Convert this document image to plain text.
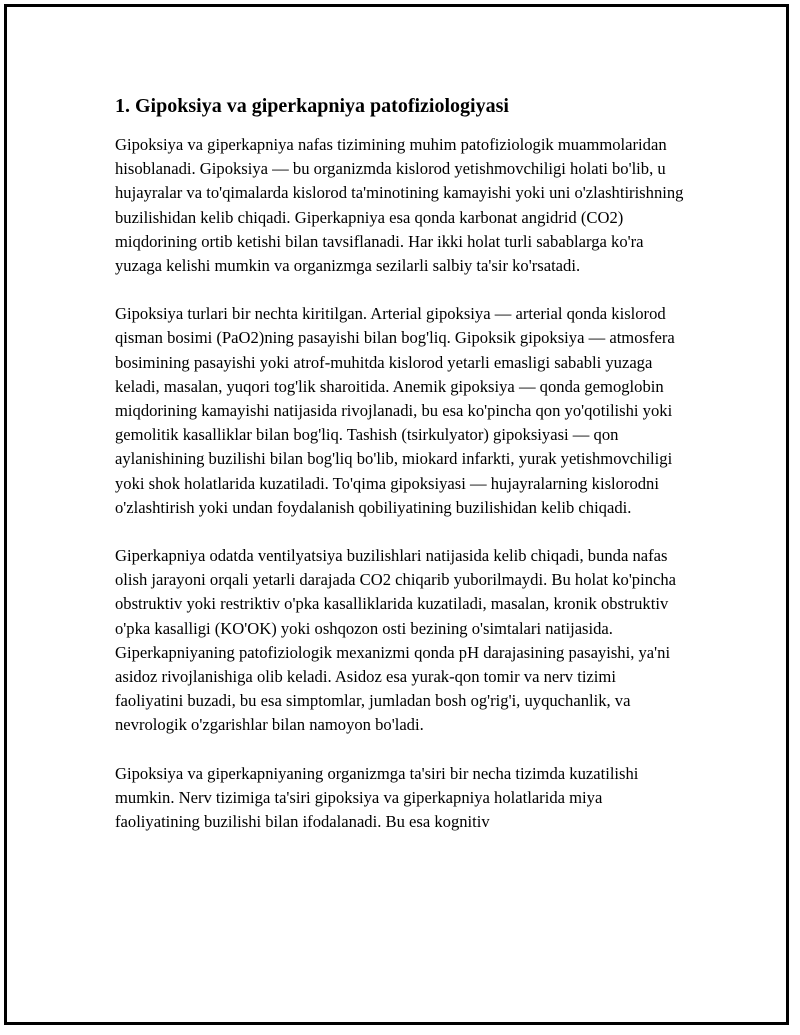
1. Gipoksiya va giperkapniya patofiziologiyasi

Gipoksiya va giperkapniya nafas tizimining muhim patofiziologik muammolaridan hisoblanadi. Gipoksiya — bu organizmda kislorod yetishmovchiligi holati bo'lib, u hujayralar va to'qimalarda kislorod ta'minotining kamayishi yoki uni o'zlashtirishning buzilishidan kelib chiqadi. Giperkapniya esa qonda karbonat angidrid (CO2) miqdorining ortib ketishi bilan tavsiflanadi. Har ikki holat turli sabablarga ko'ra yuzaga kelishi mumkin va organizmga sezilarli salbiy ta'sir ko'rsatadi.

Gipoksiya turlari bir nechta kiritilgan. Arterial gipoksiya — arterial qonda kislorod qisman bosimi (PaO2)ning pasayishi bilan bog'liq. Gipoksik gipoksiya — atmosfera bosimining pasayishi yoki atrof-muhitda kislorod yetarli emasligi sababli yuzaga keladi, masalan, yuqori tog'lik sharoitida. Anemik gipoksiya — qonda gemoglobin miqdorining kamayishi natijasida rivojlanadi, bu esa ko'pincha qon yo'qotilishi yoki gemolitik kasalliklar bilan bog'liq. Tashish (tsirkulyator) gipoksiyasi — qon aylanishining buzilishi bilan bog'liq bo'lib, miokard infarkti, yurak yetishmovchiligi yoki shok holatlarida kuzatiladi. To'qima gipoksiyasi — hujayralarning kislorodni o'zlashtirish yoki undan foydalanish qobiliyatining buzilishidan kelib chiqadi.

Giperkapniya odatda ventilyatsiya buzilishlari natijasida kelib chiqadi, bunda nafas olish jarayoni orqali yetarli darajada CO2 chiqarib yuborilmaydi. Bu holat ko'pincha obstruktiv yoki restriktiv o'pka kasalliklarida kuzatiladi, masalan, kronik obstruktiv o'pka kasalligi (KO'OK) yoki oshqozon osti bezining o'simtalari natijasida. Giperkapniyaning patofiziologik mexanizmi qonda pH darajasining pasayishi, ya'ni asidoz rivojlanishiga olib keladi. Asidoz esa yurak-qon tomir va nerv tizimi faoliyatini buzadi, bu esa simptomlar, jumladan bosh og'rig'i, uyquchanlik, va nevrologik o'zgarishlar bilan namoyon bo'ladi.

Gipoksiya va giperkapniyaning organizmga ta'siri bir necha tizimda kuzatilishi mumkin. Nerv tizimiga ta'siri gipoksiya va giperkapniya holatlarida miya faoliyatining buzilishi bilan ifodalanadi. Bu esa kognitiv
